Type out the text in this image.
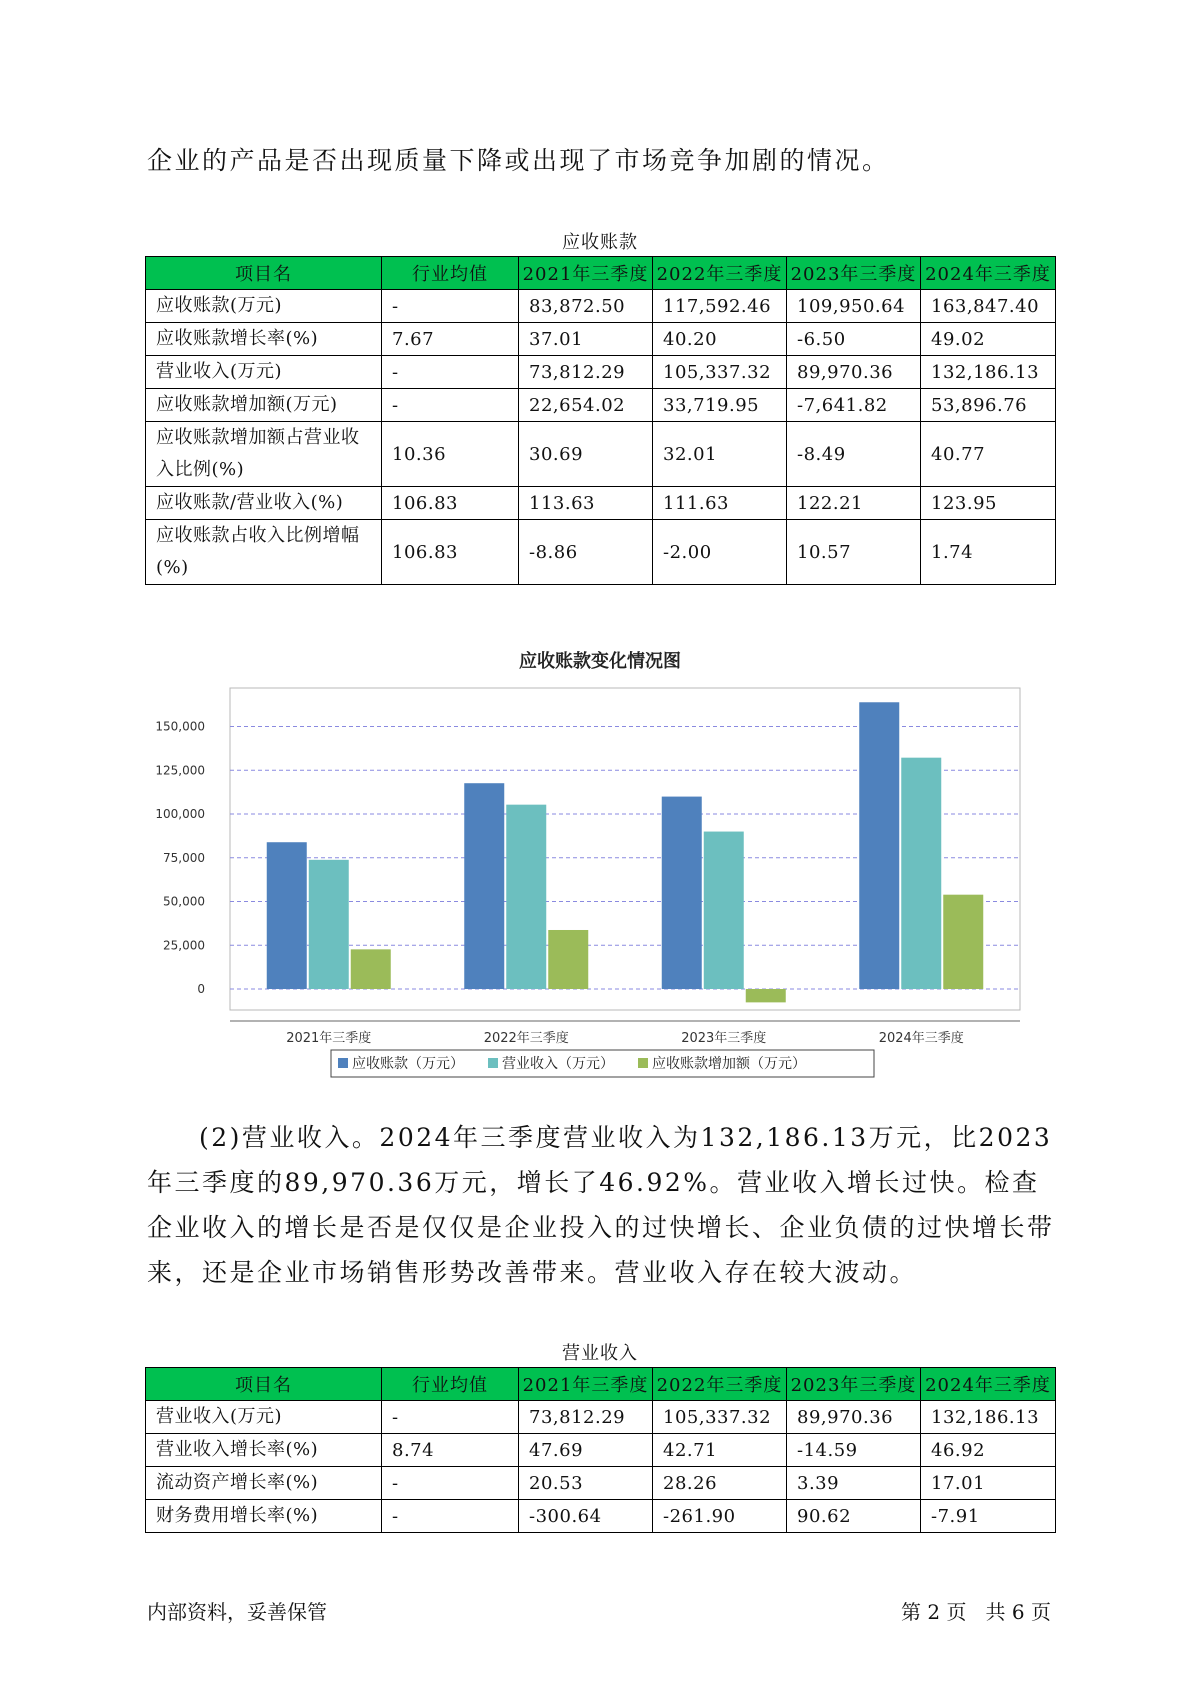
企业的产品是否出现质量下降或出现了市场竞争加剧的情况。

应收账款
项目名	行业均值	2021年三季度	2022年三季度	2023年三季度	2024年三季度
应收账款(万元)	-	83,872.50	117,592.46	109,950.64	163,847.40
应收账款增长率(%)	7.67	37.01	40.20	-6.50	49.02
营业收入(万元)	-	73,812.29	105,337.32	89,970.36	132,186.13
应收账款增加额(万元)	-	22,654.02	33,719.95	-7,641.82	53,896.76
应收账款增加额占营业收入比例(%)	10.36	30.69	32.01	-8.49	40.77
应收账款/营业收入(%)	106.83	113.63	111.63	122.21	123.95
应收账款占收入比例增幅(%)	106.83	-8.86	-2.00	10.57	1.74
应收账款变化情况图
0
25,000
50,000
75,000
100,000
125,000
150,000
2021年三季度	2022年三季度	2023年三季度	2024年三季度
应收账款（万元）	营业收入（万元）	应收账款增加额（万元）

(2)营业收入。2024年三季度营业收入为132,186.13万元，比2023年三季度的89,970.36万元，增长了46.92%。营业收入增长过快。检查企业收入的增长是否是仅仅是企业投入的过快增长、企业负债的过快增长带来，还是企业市场销售形势改善带来。营业收入存在较大波动。

营业收入
项目名	行业均值	2021年三季度	2022年三季度	2023年三季度	2024年三季度
营业收入(万元)	-	73,812.29	105,337.32	89,970.36	132,186.13
营业收入增长率(%)	8.74	47.69	42.71	-14.59	46.92
流动资产增长率(%)	-	20.53	28.26	3.39	17.01
财务费用增长率(%)	-	-300.64	-261.90	90.62	-7.91
内部资料，妥善保管	第 2 页   共 6 页
